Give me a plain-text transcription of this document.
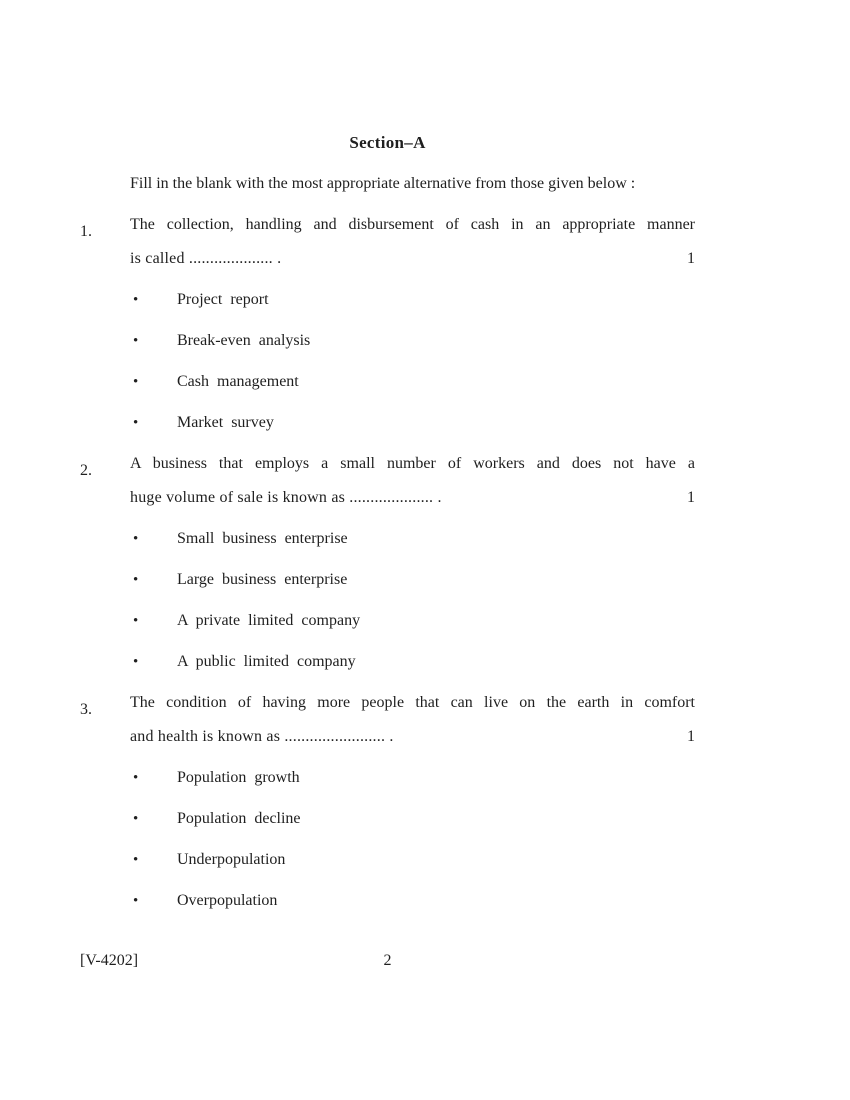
Section–A

Fill in the blank with the most appropriate alternative from those given below :

1. The collection, handling and disbursement of cash in an appropriate manner
is called .................... .	1
•	Project report
•	Break-even analysis
•	Cash management
•	Market survey
2. A business that employs a small number of workers and does not have a
huge volume of sale is known as .................... .	1
•	Small business enterprise
•	Large business enterprise
•	A private limited company
•	A public limited company
3. The condition of having more people that can live on the earth in comfort
and health is known as ........................ .	1
•	Population growth
•	Population decline
•	Underpopulation
•	Overpopulation
[V-4202]	2
